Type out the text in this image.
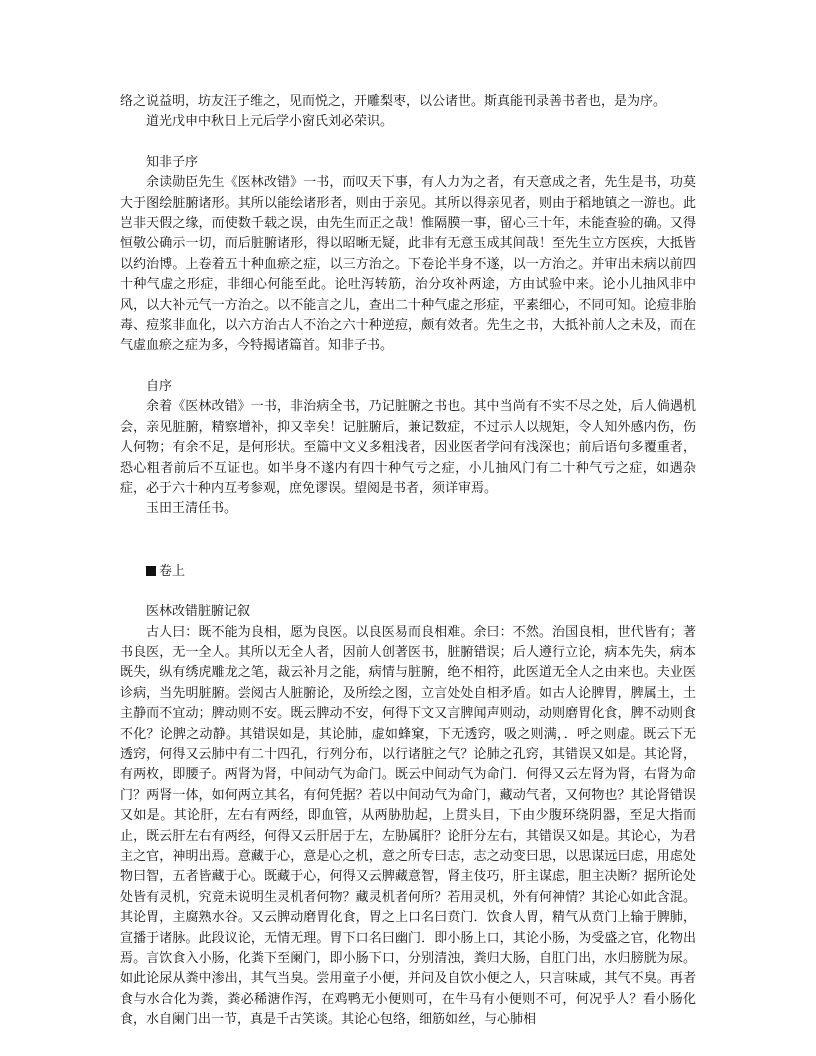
络之说益明，坊友汪子维之，见而悦之，开雕梨枣，以公诸世。斯真能刊录善书者也，是为序。

道光戊申中秋日上元后学小窗氏刘必荣识。

知非子序

余读勋臣先生《医林改错》一书，而叹天下事，有人力为之者，有天意成之者，先生是书，功莫大于图绘脏腑诸形。其所以能绘诸形者，则由于亲见。其所以得亲见者，则由于稻地镇之一游也。此岂非天假之缘，而使数千载之误，由先生而正之哉！惟隔膜一事，留心三十年，未能查验的确。又得恒敬公确示一切，而后脏腑诸形，得以昭晰无疑，此非有无意玉成其间哉！至先生立方医疾，大抵皆以约治博。上卷着五十种血瘀之症，以三方治之。下卷论半身不遂，以一方治之。并审出未病以前四十种气虚之形症，非细心何能至此。论吐泻转筋，治分攻补两途，方由试验中来。论小儿抽风非中风，以大补元气一方治之。以不能言之儿，查出二十种气虚之形症，平素细心，不同可知。论痘非胎毒、痘浆非血化，以六方治古人不治之六十种逆痘，颇有效者。先生之书，大抵补前人之未及，而在气虚血瘀之症为多，今特揭诸篇首。知非子书。

自序

余着《医林改错》一书，非治病全书，乃记脏腑之书也。其中当尚有不实不尽之处，后人倘遇机会，亲见脏腑，精察增补，抑又幸矣！记脏腑后，兼记数症，不过示人以规矩，令人知外感内伤，伤人何物；有余不足，是何形状。至篇中文义多粗浅者，因业医者学问有浅深也；前后语句多覆重者，恐心粗者前后不互证也。如半身不遂内有四十种气亏之症，小儿抽风门有二十种气亏之症，如遇杂症，必于六十种内互考参观，庶免谬误。望阅是书者，须详审焉。

玉田王清任书。

卷上

医林改错脏腑记叙

古人曰：既不能为良相，愿为良医。以良医易而良相难。余曰：不然。治国良相，世代皆有；著书良医，无一全人。其所以无全人者，因前人创著医书，脏腑错误；后人遵行立论，病本先失，病本既失，纵有绣虎雕龙之笔，裁云补月之能，病情与脏腑，绝不相符，此医道无全人之由来也。夫业医诊病，当先明脏腑。尝阅古人脏腑论，及所绘之图，立言处处自相矛盾。如古人论脾胃，脾属土，土主静而不宜动；脾动则不安。既云脾动不安，何得下文又言脾闻声则动，动则磨胃化食，脾不动则食不化？论脾之动静。其错误如是，其论肺，虚如蜂窠，下无透窍，吸之则满，．呼之则虚。既云下无透窍，何得又云肺中有二十四孔，行列分布，以行诸脏之气？论肺之孔窍，其错误又如是。其论肾，有两枚，即腰子。两肾为肾，中间动气为命门。既云中间动气为命门．何得又云左肾为肾，右肾为命门？两肾一体，如何两立其名，有何凭据？若以中间动气为命门，藏动气者，又何物也？其论肾错误又如是。其论肝，左右有两经，即血管，从两胁肋起，上贯头目，下由少腹环绕阴器，至足大指而止，既云肝左右有两经，何得又云肝居于左，左胁属肝？论肝分左右，其错误又如是。其论心，为君主之官，神明出焉。意藏于心，意是心之机，意之所专曰志，志之动变曰思，以思谋远曰虑，用虑处物曰智，五者皆藏于心。既藏于心，何得又云脾藏意智，肾主伎巧，肝主谋虑，胆主决断？据所论处处皆有灵机，究竟未说明生灵机者何物？藏灵机者何所？若用灵机，外有何神情？其论心如此含混。其论胃，主腐熟水谷。又云脾动磨胃化食，胃之上口名曰贲门．饮食人胃，精气从贲门上输于脾肺，宣播于诸脉。此段议论，无情无理。胃下口名曰幽门．即小肠上口，其论小肠，为受盛之官，化物出焉。言饮食入小肠，化粪下至阑门，即小肠下口，分别清浊，粪归大肠，自肛门出，水归膀胱为尿。如此论尿从粪中渗出，其气当臭。尝用童子小便，并问及自饮小便之人，只言味咸，其气不臭。再者食与水合化为粪，粪必稀溏作泻，在鸡鸭无小便则可，在牛马有小便则不可，何况乎人？看小肠化食，水自阑门出一节，真是千古笑谈。其论心包络，细筋如丝，与心肺相
